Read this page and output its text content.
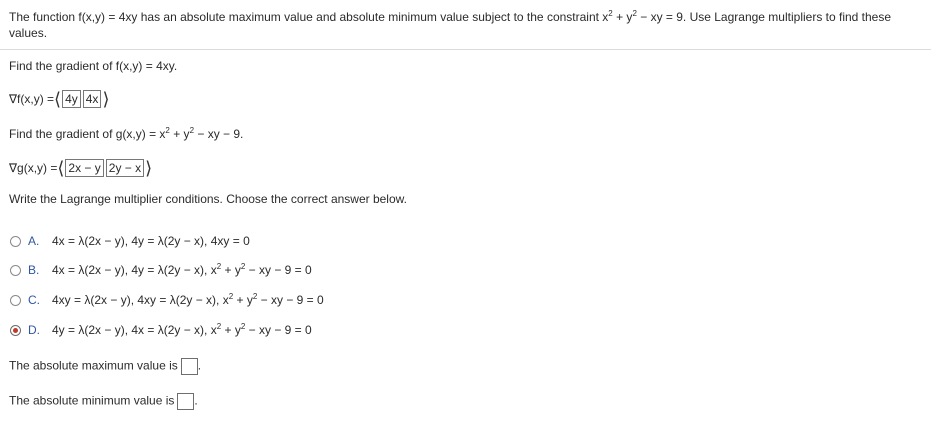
The function f(x,y) = 4xy has an absolute maximum value and absolute minimum value subject to the constraint $x^2 + y^2$ − xy = 9. Use Lagrange multipliers to find these values.
Find the gradient of f(x,y) = 4xy.
∇f(x,y) = ⟨ 4y 4x ⟩
Find the gradient of $g(x,y) = x^2 + y^2$ − xy − 9.
∇g(x,y) = ⟨ 2x − y 2y − x ⟩
Write the Lagrange multiplier conditions. Choose the correct answer below.
A.	4x = λ(2x − y), 4y = λ(2y − x), 4xy = 0
B.	4x = λ(2x − y), 4y = λ(2y − x), $x^2 + y^2$ − xy − 9 = 0
C.	4xy = λ(2x − y), 4xy = λ(2y − x), $x^2 + y^2$ − xy − 9 = 0
D.	4y = λ(2x − y), 4x = λ(2y − x), $x^2 + y^2$ − xy − 9 = 0
The absolute maximum value is .
The absolute minimum value is .
